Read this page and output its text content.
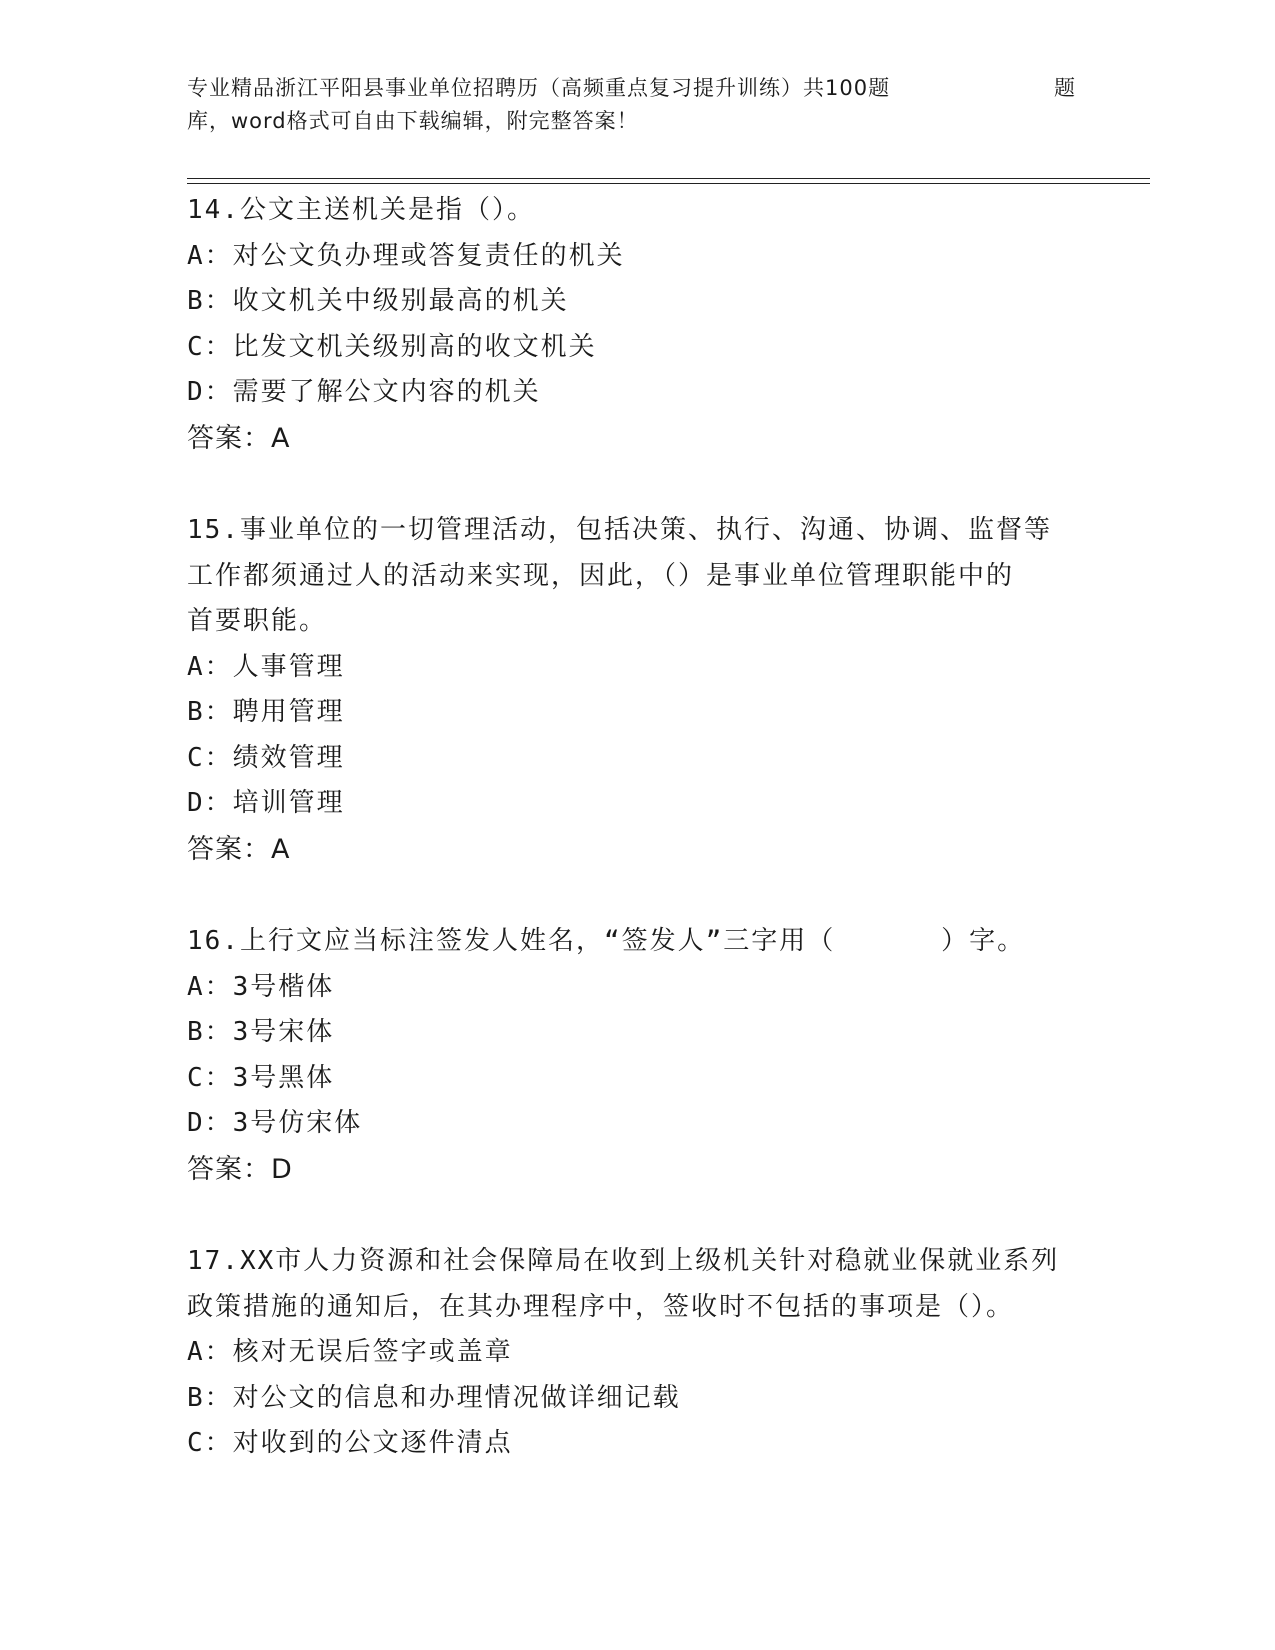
专业精品浙江平阳县事业单位招聘历（高频重点复习提升训练）共100题	题
库，word格式可自由下载编辑，附完整答案！
14.公文主送机关是指（）。
A：对公文负办理或答复责任的机关
B：收文机关中级别最高的机关
C：比发文机关级别高的收文机关
D：需要了解公文内容的机关
答案：A
15.事业单位的一切管理活动，包括决策、执行、沟通、协调、监督等
工作都须通过人的活动来实现，因此，（）是事业单位管理职能中的
首要职能。
A：人事管理
B：聘用管理
C：绩效管理
D：培训管理
答案：A
16.上行文应当标注签发人姓名，“签发人”三字用（      ）字。
A：3号楷体
B：3号宋体
C：3号黑体
D：3号仿宋体
答案：D
17.XX市人力资源和社会保障局在收到上级机关针对稳就业保就业系列
政策措施的通知后，在其办理程序中，签收时不包括的事项是（）。
A：核对无误后签字或盖章
B：对公文的信息和办理情况做详细记载
C：对收到的公文逐件清点
